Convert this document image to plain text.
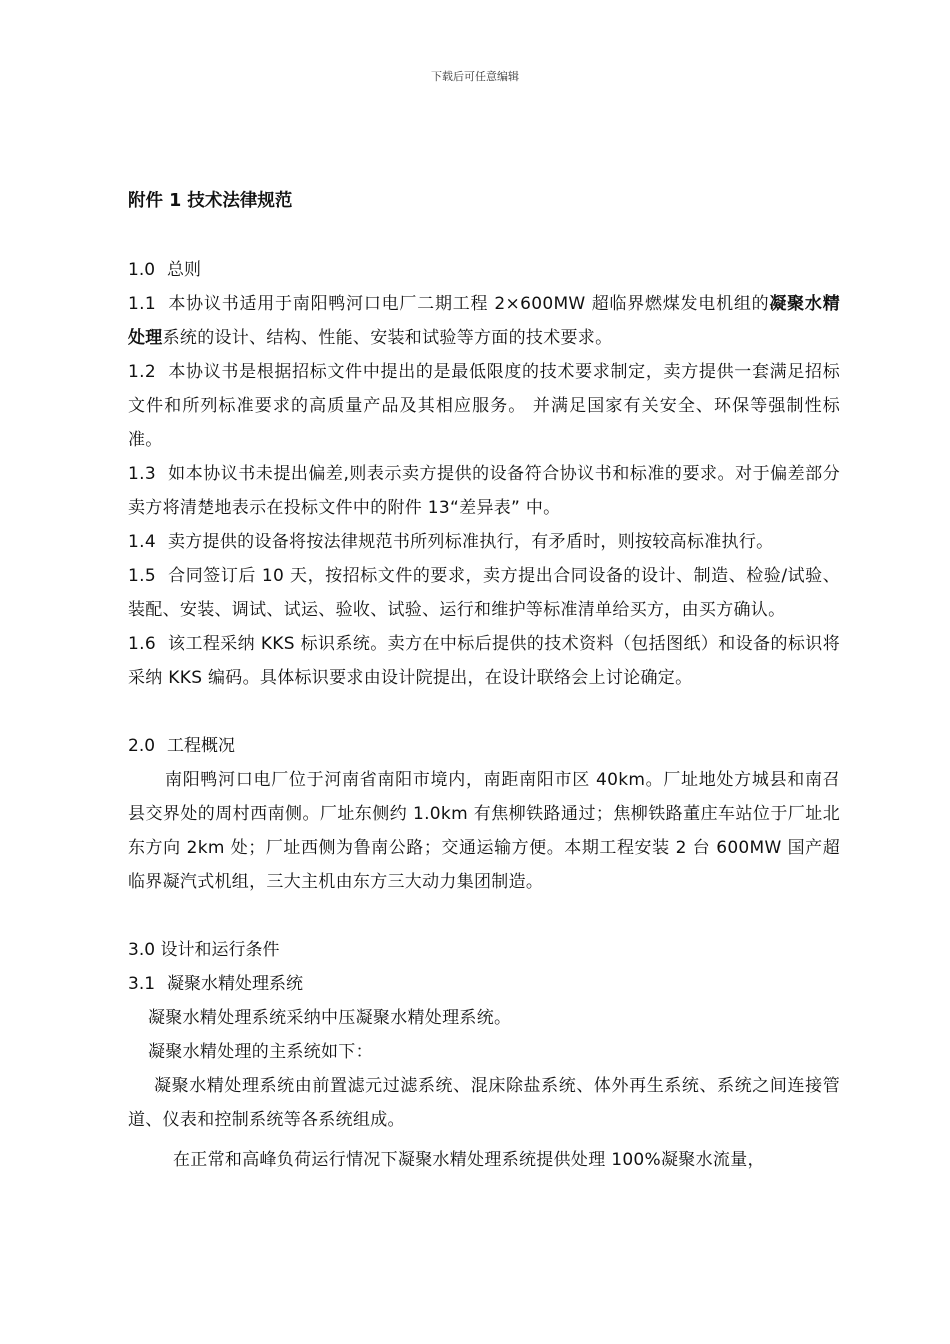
下载后可任意编辑
附件 1 技术法律规范
1.0 总则

1.1 本协议书适用于南阳鸭河口电厂二期工程 2×600MW 超临界燃煤发电机组的凝聚水精处理系统的设计、结构、性能、安装和试验等方面的技术要求。

1.2 本协议书是根据招标文件中提出的是最低限度的技术要求制定，卖方提供一套满足招标文件和所列标准要求的高质量产品及其相应服务。 并满足国家有关安全、环保等强制性标准。

1.3 如本协议书未提出偏差,则表示卖方提供的设备符合协议书和标准的要求。对于偏差部分卖方将清楚地表示在投标文件中的附件 13“差异表” 中。

1.4 卖方提供的设备将按法律规范书所列标准执行，有矛盾时，则按较高标准执行。

1.5 合同签订后 10 天，按招标文件的要求，卖方提出合同设备的设计、制造、检验/试验、装配、安装、调试、试运、验收、试验、运行和维护等标准清单给买方，由买方确认。

1.6 该工程采纳 KKS 标识系统。卖方在中标后提供的技术资料（包括图纸）和设备的标识将采纳 KKS 编码。具体标识要求由设计院提出，在设计联络会上讨论确定。

2.0 工程概况

南阳鸭河口电厂位于河南省南阳市境内，南距南阳市区 40km。厂址地处方城县和南召县交界处的周村西南侧。厂址东侧约 1.0km 有焦柳铁路通过；焦柳铁路董庄车站位于厂址北东方向 2km 处；厂址西侧为鲁南公路；交通运输方便。本期工程安装 2 台 600MW 国产超临界凝汽式机组，三大主机由东方三大动力集团制造。

3.0 设计和运行条件
3.1 凝聚水精处理系统

凝聚水精处理系统采纳中压凝聚水精处理系统。

凝聚水精处理的主系统如下：

凝聚水精处理系统由前置滤元过滤系统、混床除盐系统、体外再生系统、系统之间连接管道、仪表和控制系统等各系统组成。

在正常和高峰负荷运行情况下凝聚水精处理系统提供处理 100%凝聚水流量，
